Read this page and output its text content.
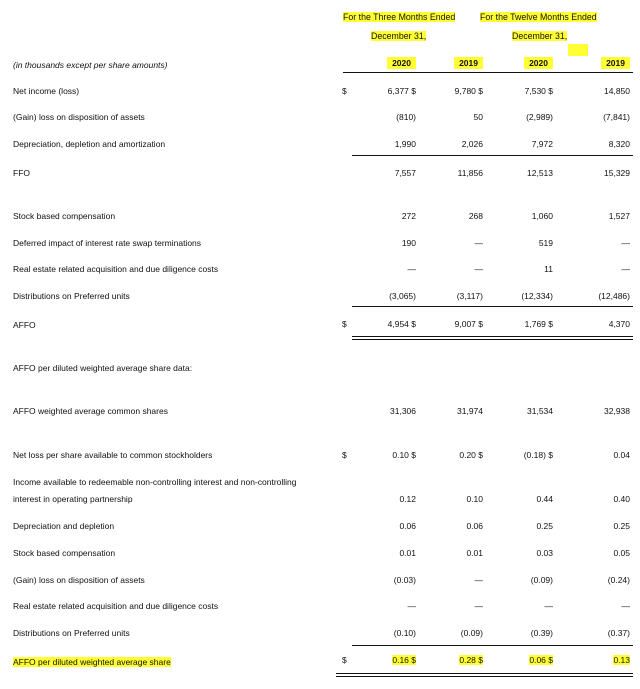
For the Three Months Ended
December 31,
For the Twelve Months Ended
December 31,
(in thousands except per share amounts)	2020	2019	2020	2019
Net income (loss)	$	6,377 $	9,780 $	7,530 $	14,850
(Gain) loss on disposition of assets	(810)	50	(2,989)	(7,841)
Depreciation, depletion and amortization	1,990	2,026	7,972	8,320
FFO	7,557	11,856	12,513	15,329
Stock based compensation	272	268	1,060	1,527
Deferred impact of interest rate swap terminations	190	—	519	—
Real estate related acquisition and due diligence costs	—	—	11	—
Distributions on Preferred units	(3,065)	(3,117)	(12,334)	(12,486)
AFFO	$	4,954 $	9,007 $	1,769 $	4,370
AFFO per diluted weighted average share data:
AFFO weighted average common shares	31,306	31,974	31,534	32,938
Net loss per share available to common stockholders	$	0.10 $	0.20 $	(0.18) $	0.04
Income available to redeemable non-controlling interest and non-controlling
interest in operating partnership	0.12	0.10	0.44	0.40
Depreciation and depletion	0.06	0.06	0.25	0.25
Stock based compensation	0.01	0.01	0.03	0.05
(Gain) loss on disposition of assets	(0.03)	—	(0.09)	(0.24)
Real estate related acquisition and due diligence costs	—	—	—	—
Distributions on Preferred units	(0.10)	(0.09)	(0.39)	(0.37)
AFFO per diluted weighted average share	$	0.16 $	0.28 $	0.06 $	0.13
